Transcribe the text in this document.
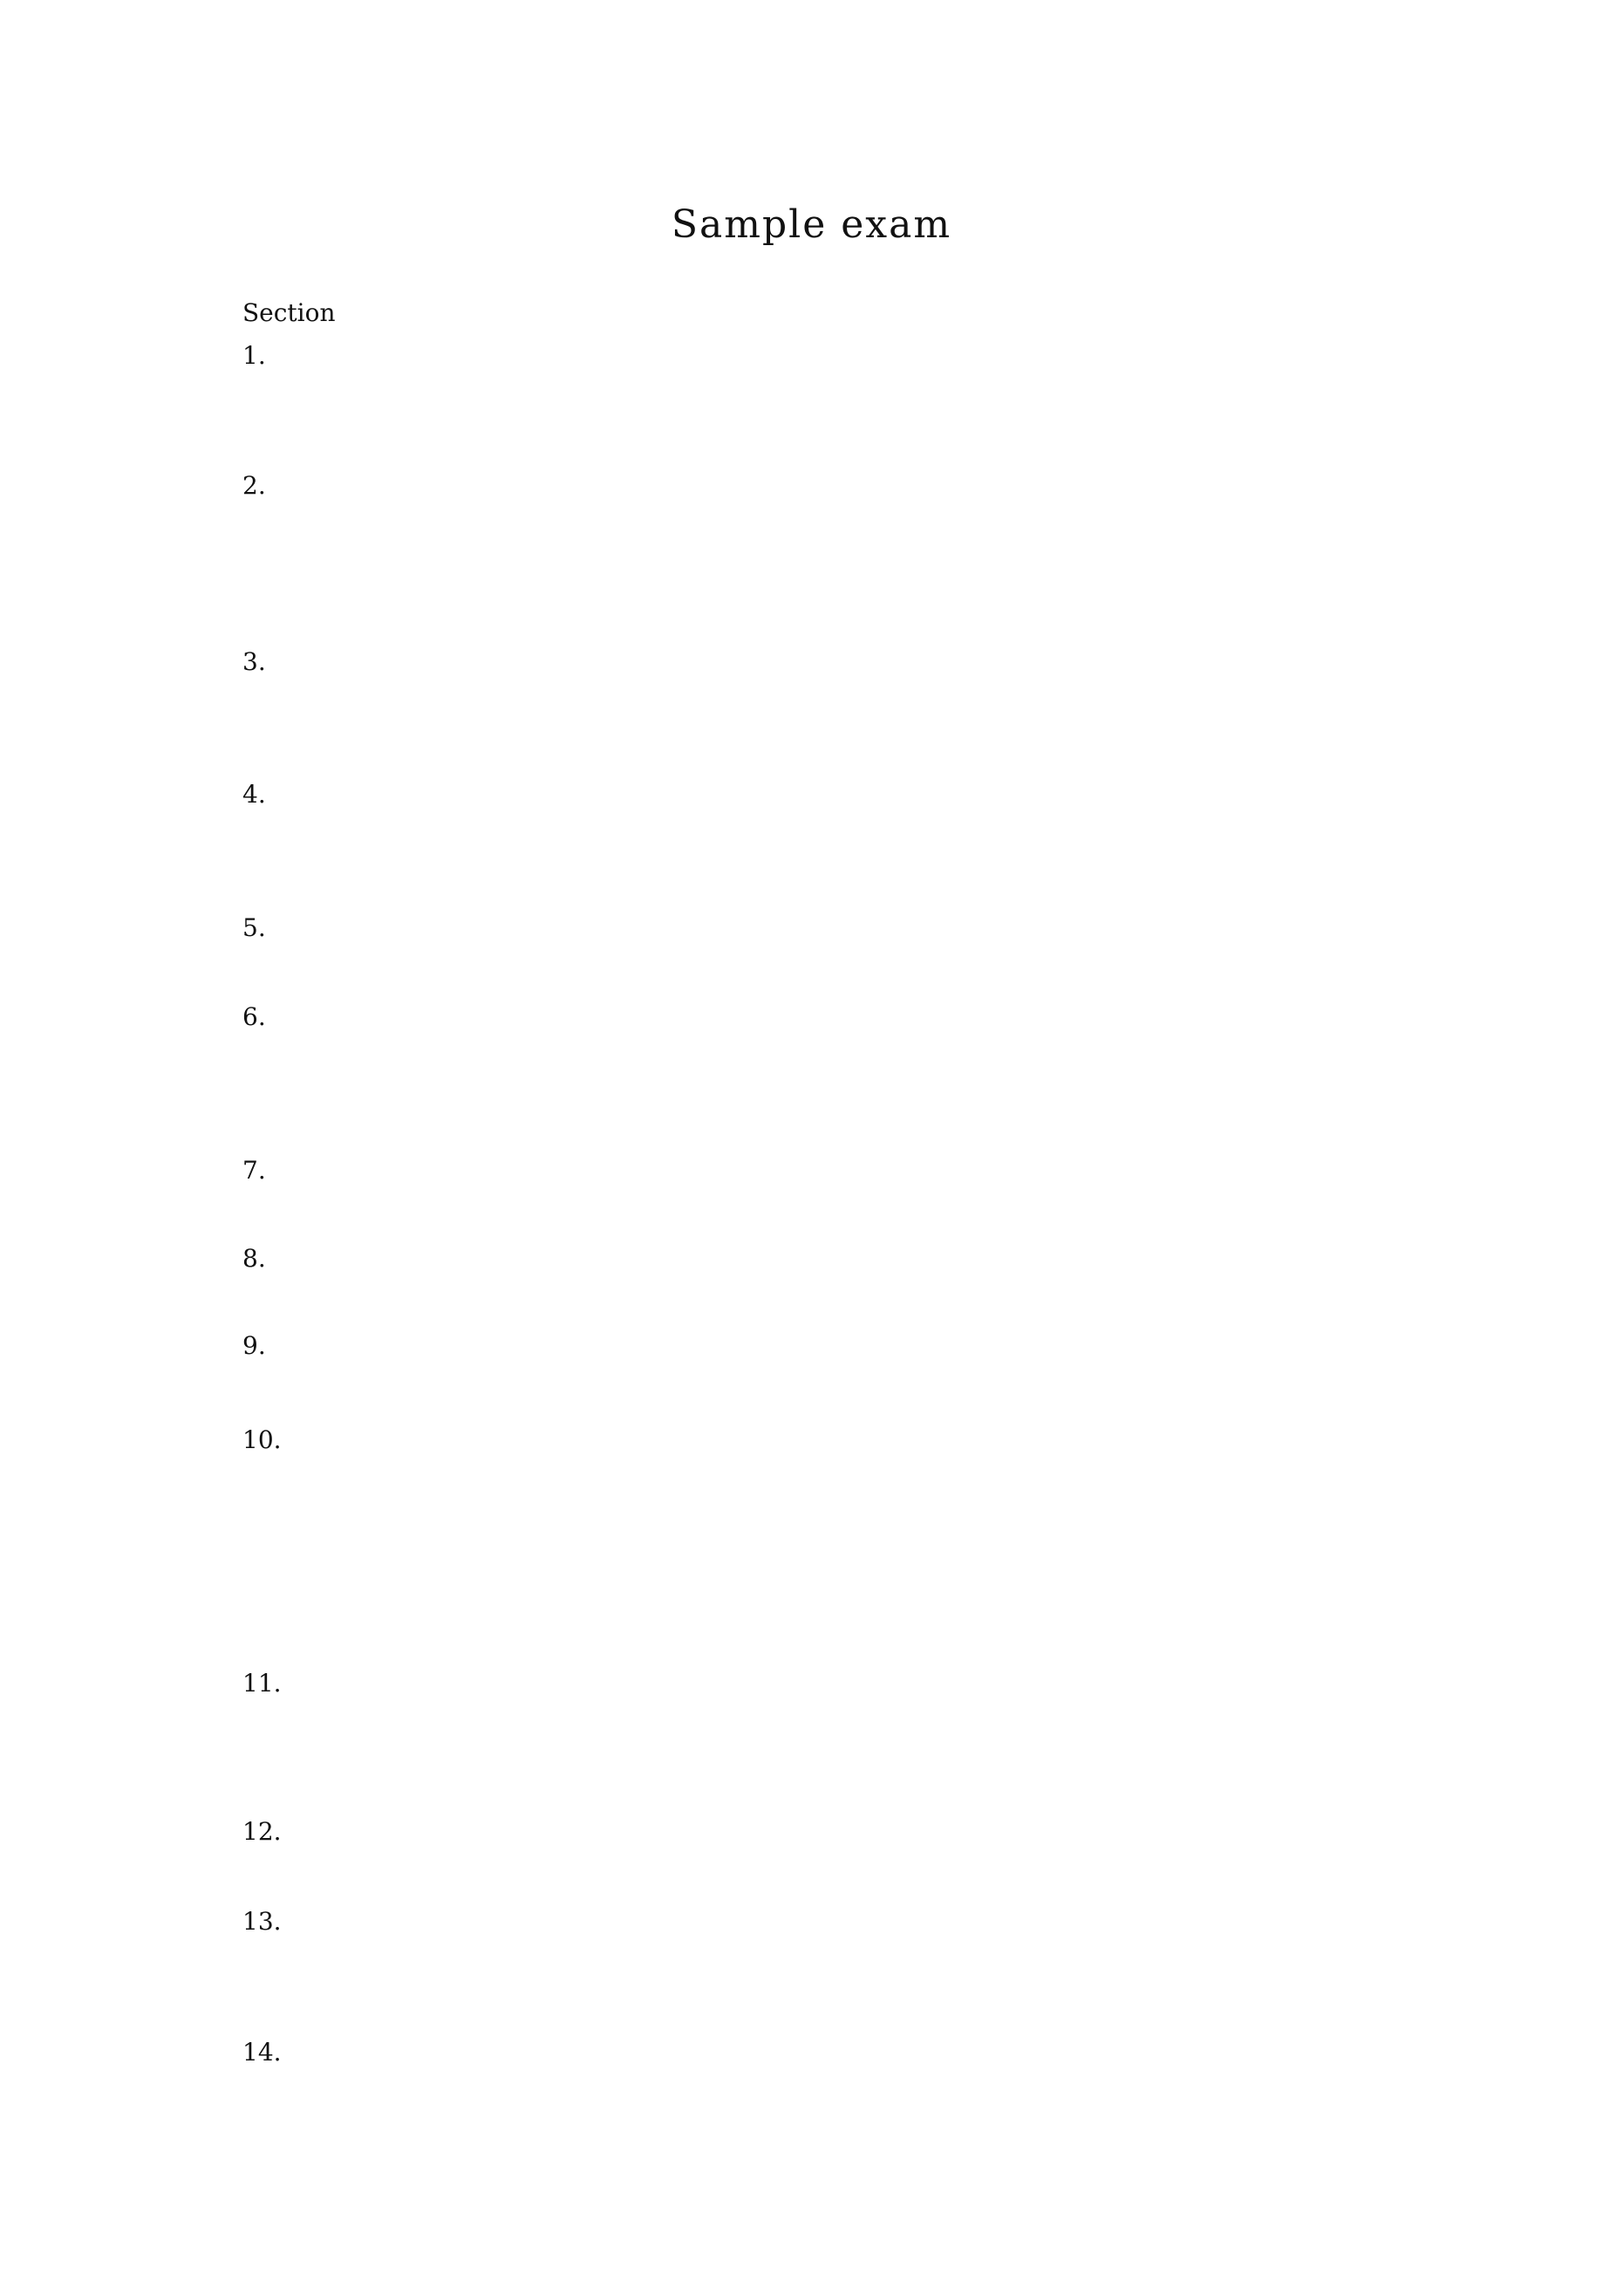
Sample exam
Section
1.
2.
3.
4.
5.
6.
7.
8.
9.
10.
11.
12.
13.
14.
